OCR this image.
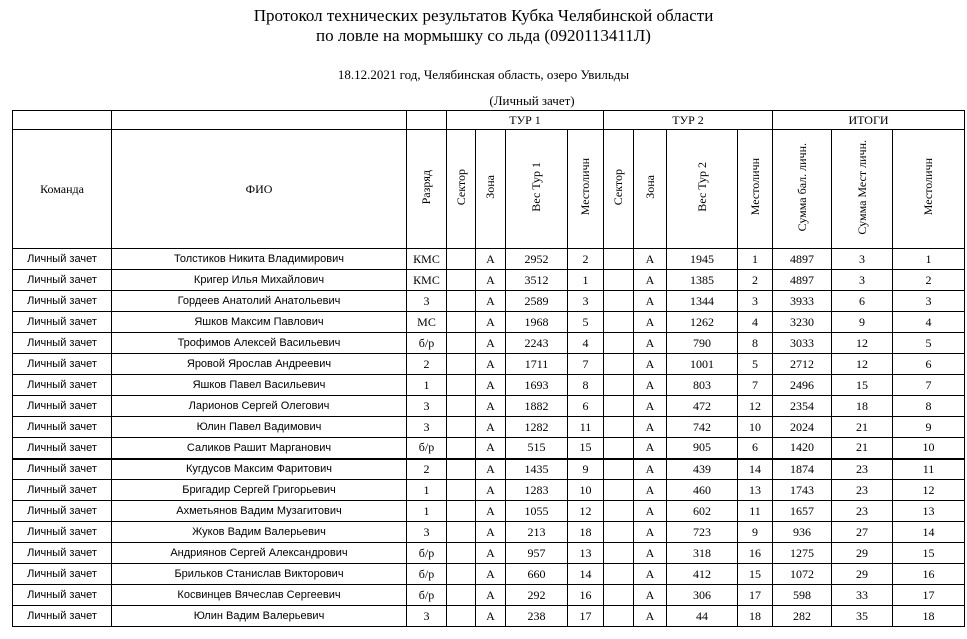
Протокол технических результатов Кубка Челябинской области
по ловле на мормышку со льда (0920113411Л)
18.12.2021 год, Челябинская область, озеро Увильды
(Личный зачет)
			ТУР 1				ТУР 2				ИТОГИ		
Команда	ФИО	Разряд	Сектор	Зона	Вес Тур 1	Местоличн	Сектор	Зона	Вес Тур 2	Местоличн	Сумма бал. личн.	Сумма Мест личн.	Местоличн
Личный зачет	Толстиков Никита Владимирович	КМС		А	2952	2		А	1945	1	4897	3	1
Личный зачет	Кригер Илья Михайлович	КМС		А	3512	1		А	1385	2	4897	3	2
Личный зачет	Гордеев Анатолий Анатольевич	3		А	2589	3		А	1344	3	3933	6	3
Личный зачет	Яшков Максим Павлович	МС		А	1968	5		А	1262	4	3230	9	4
Личный зачет	Трофимов Алексей Васильевич	б/р		А	2243	4		А	790	8	3033	12	5
Личный зачет	Яровой Ярослав Андреевич	2		А	1711	7		А	1001	5	2712	12	6
Личный зачет	Яшков Павел Васильевич	1		А	1693	8		А	803	7	2496	15	7
Личный зачет	Ларионов Сергей Олегович	3		А	1882	6		А	472	12	2354	18	8
Личный зачет	Юлин Павел Вадимович	3		А	1282	11		А	742	10	2024	21	9
Личный зачет	Саликов Рашит Марганович	б/р		А	515	15		А	905	6	1420	21	10
Личный зачет	Кугдусов Максим Фаритович	2		А	1435	9		А	439	14	1874	23	11
Личный зачет	Бригадир Сергей Григорьевич	1		А	1283	10		А	460	13	1743	23	12
Личный зачет	Ахметьянов Вадим Музагитович	1		А	1055	12		А	602	11	1657	23	13
Личный зачет	Жуков Вадим Валерьевич	3		А	213	18		А	723	9	936	27	14
Личный зачет	Андриянов Сергей Александрович	б/р		А	957	13		А	318	16	1275	29	15
Личный зачет	Брильков Станислав Викторович	б/р		А	660	14		А	412	15	1072	29	16
Личный зачет	Косвинцев Вячеслав Сергеевич	б/р		А	292	16		А	306	17	598	33	17
Личный зачет	Юлин Вадим Валерьевич	3		А	238	17		А	44	18	282	35	18
